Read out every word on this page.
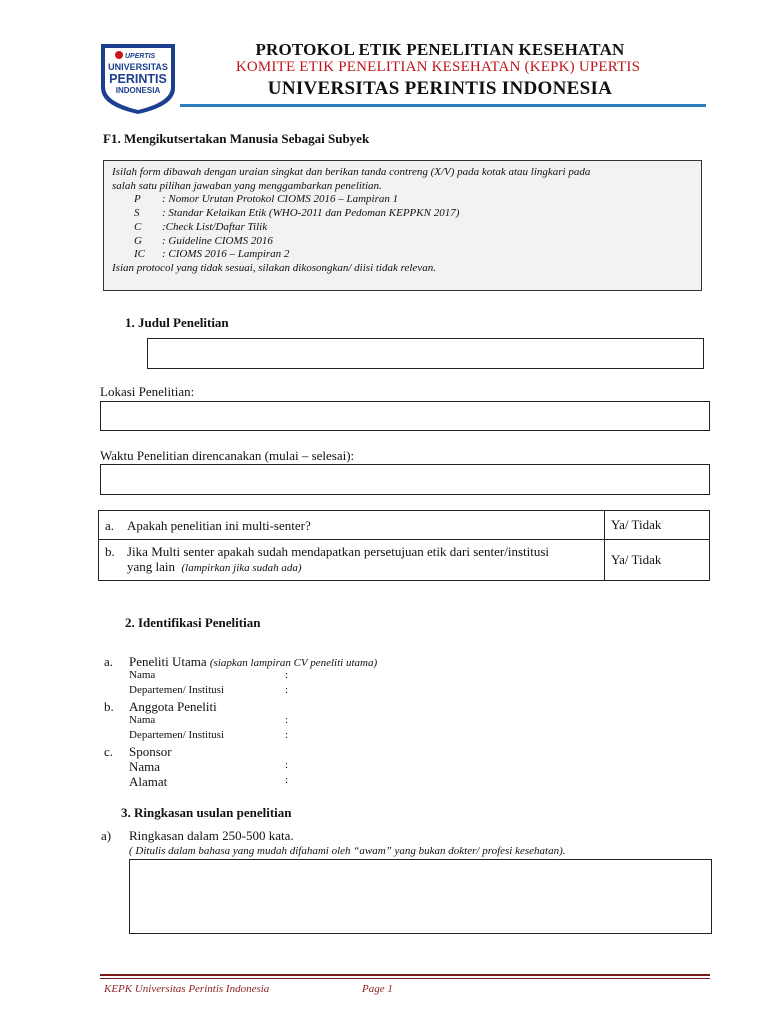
UPERTIS
UNIVERSITAS
PERINTIS
INDONESIA
PROTOKOL ETIK PENELITIAN KESEHATAN
KOMITE ETIK PENELITIAN KESEHATAN (KEPK) UPERTIS
UNIVERSITAS PERINTIS INDONESIA
F1. Mengikutsertakan Manusia Sebagai Subyek
Isilah form dibawah dengan uraian singkat dan berikan tanda contreng (X/V) pada kotak atau lingkari pada
salah satu pilihan jawaban yang menggambarkan penelitian.
P : Nomor Urutan Protokol CIOMS 2016 – Lampiran 1
S : Standar Kelaikan Etik (WHO-2011 dan Pedoman KEPPKN 2017)
C :Check List/Daftar Tilik
G : Guideline CIOMS 2016
IC : CIOMS 2016 – Lampiran 2
Isian protocol yang tidak sesuai, silakan dikosongkan/ diisi tidak relevan.
1. Judul Penelitian
Lokasi Penelitian:
Waktu Penelitian direncanakan (mulai – selesai):
a. Apakah penelitian ini multi-senter?	Ya/ Tidak

b. Jika Multi senter apakah sudah mendapatkan persetujuan etik dari senter/institusi
yang lain (lampirkan jika sudah ada)	Ya/ Tidak
2. Identifikasi Penelitian
a. Peneliti Utama (siapkan lampiran CV peneliti utama)
Nama	:
Departemen/ Institusi	:
b. Anggota Peneliti
Nama	:
Departemen/ Institusi	:
c. Sponsor
Nama	:
Alamat	:
3. Ringkasan usulan penelitian
a) Ringkasan dalam 250-500 kata.
( Ditulis dalam bahasa yang mudah difahami oleh “awam” yang bukan dokter/ profesi kesehatan).
KEPK Universitas Perintis Indonesia	Page 1
